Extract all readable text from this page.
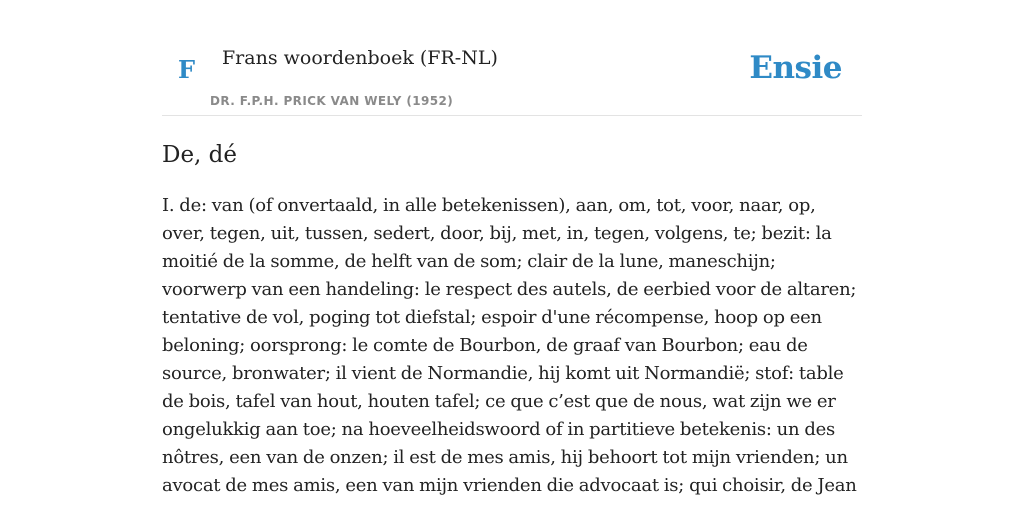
F Frans woordenboek (FR-NL)
DR. F.P.H. PRICK VAN WELY (1952)
Ensie
De, dé

I. de: van (of onvertaald, in alle betekenissen), aan, om, tot, voor, naar, op, over, tegen, uit, tussen, sedert, door, bij, met, in, tegen, volgens, te; bezit: la moitié de la somme, de helft van de som; clair de la lune, maneschijn; voorwerp van een handeling: le respect des autels, de eerbied voor de altaren; tentative de vol, poging tot diefstal; espoir d'une récompense, hoop op een beloning; oorsprong: le comte de Bourbon, de graaf van Bourbon; eau de source, bronwater; il vient de Normandie, hij komt uit Normandië; stof: table de bois, tafel van hout, houten tafel; ce que c’est que de nous, wat zijn we er ongelukkig aan toe; na hoeveelheidswoord of in partitieve betekenis: un des nôtres, een van de onzen; il est de mes amis, hij behoort tot mijn vrienden; un avocat de mes amis, een van mijn vrienden die advocaat is; qui choisir, de Jean
